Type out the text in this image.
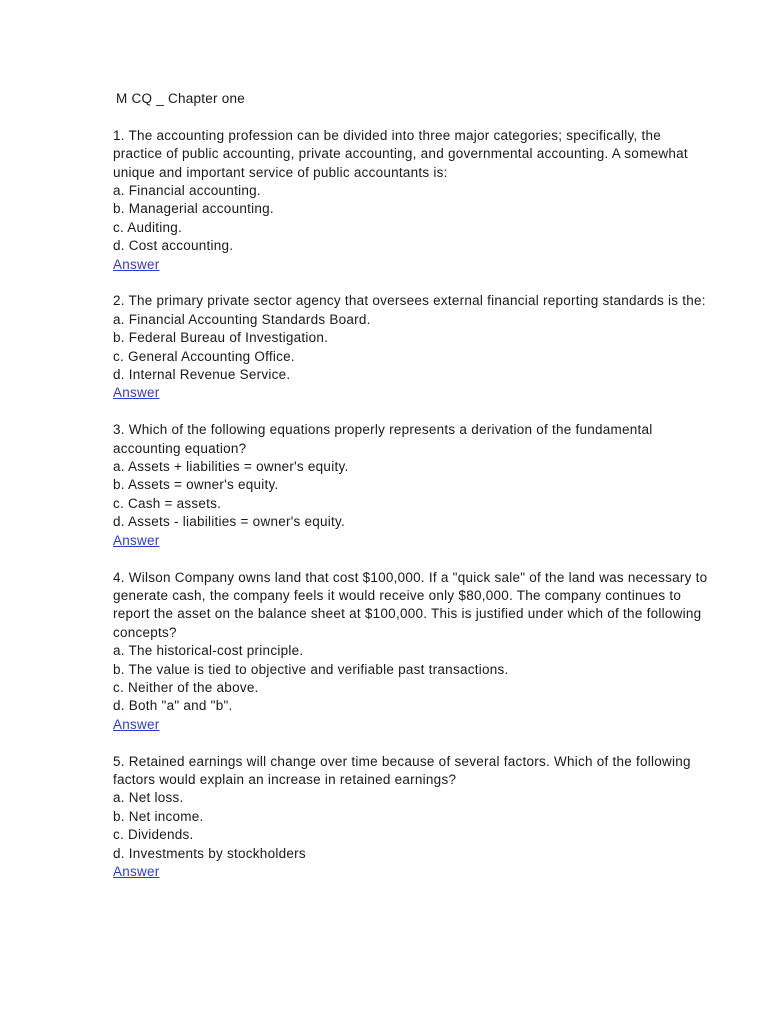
M CQ _ Chapter one
1. The accounting profession can be divided into three major categories; specifically, the practice of public accounting, private accounting, and governmental accounting. A somewhat unique and important service of public accountants is:
a. Financial accounting.
b. Managerial accounting.
c. Auditing.
d. Cost accounting.
Answer
2. The primary private sector agency that oversees external financial reporting standards is the:
a. Financial Accounting Standards Board.
b. Federal Bureau of Investigation.
c. General Accounting Office.
d. Internal Revenue Service.
Answer
3. Which of the following equations properly represents a derivation of the fundamental accounting equation?
a. Assets + liabilities = owner's equity.
b. Assets = owner's equity.
c. Cash = assets.
d. Assets - liabilities = owner's equity.
Answer
4. Wilson Company owns land that cost $100,000. If a "quick sale" of the land was necessary to generate cash, the company feels it would receive only $80,000. The company continues to report the asset on the balance sheet at $100,000. This is justified under which of the following concepts?
a. The historical-cost principle.
b. The value is tied to objective and verifiable past transactions.
c. Neither of the above.
d. Both "a" and "b".
Answer
5. Retained earnings will change over time because of several factors. Which of the following factors would explain an increase in retained earnings?
a. Net loss.
b. Net income.
c. Dividends.
d. Investments by stockholders
Answer
